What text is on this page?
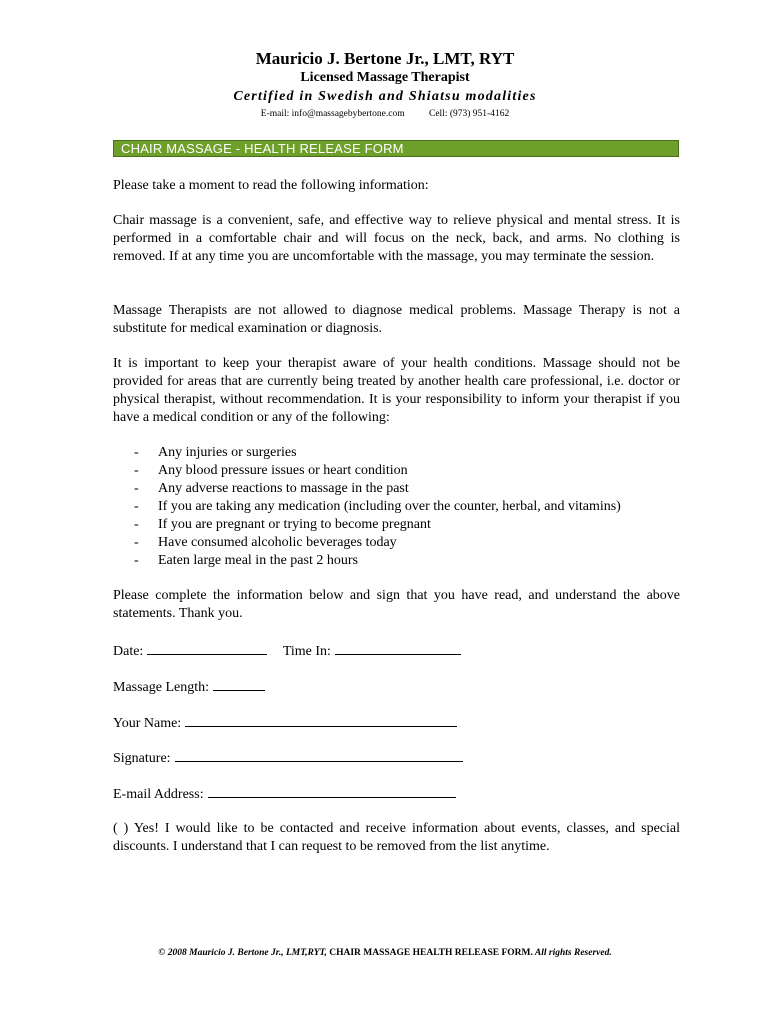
Mauricio J. Bertone Jr., LMT, RYT
Licensed Massage Therapist
Certified in Swedish and Shiatsu modalities
E-mail: info@massagebybertone.com	Cell: (973) 951-4162
CHAIR MASSAGE - HEALTH RELEASE FORM

Please take a moment to read the following information:

Chair massage is a convenient, safe, and effective way to relieve physical and mental stress. It is performed in a comfortable chair and will focus on the neck, back, and arms. No clothing is removed. If at any time you are uncomfortable with the massage, you may terminate the session.

Massage Therapists are not allowed to diagnose medical problems. Massage Therapy is not a substitute for medical examination or diagnosis.

It is important to keep your therapist aware of your health conditions. Massage should not be provided for areas that are currently being treated by another health care professional, i.e. doctor or physical therapist, without recommendation. It is your responsibility to inform your therapist if you have a medical condition or any of the following:

- Any injuries or surgeries
- Any blood pressure issues or heart condition
- Any adverse reactions to massage in the past
- If you are taking any medication (including over the counter, herbal, and vitamins)
- If you are pregnant or trying to become pregnant
- Have consumed alcoholic beverages today
- Eaten large meal in the past 2 hours

Please complete the information below and sign that you have read, and understand the above statements. Thank you.

Date:	Time In:
Massage Length:
Your Name:
Signature:
E-mail Address:

( ) Yes! I would like to be contacted and receive information about events, classes, and special discounts. I understand that I can request to be removed from the list anytime.

© 2008 Mauricio J. Bertone Jr., LMT,RYT, CHAIR MASSAGE HEALTH RELEASE FORM. All rights Reserved.
